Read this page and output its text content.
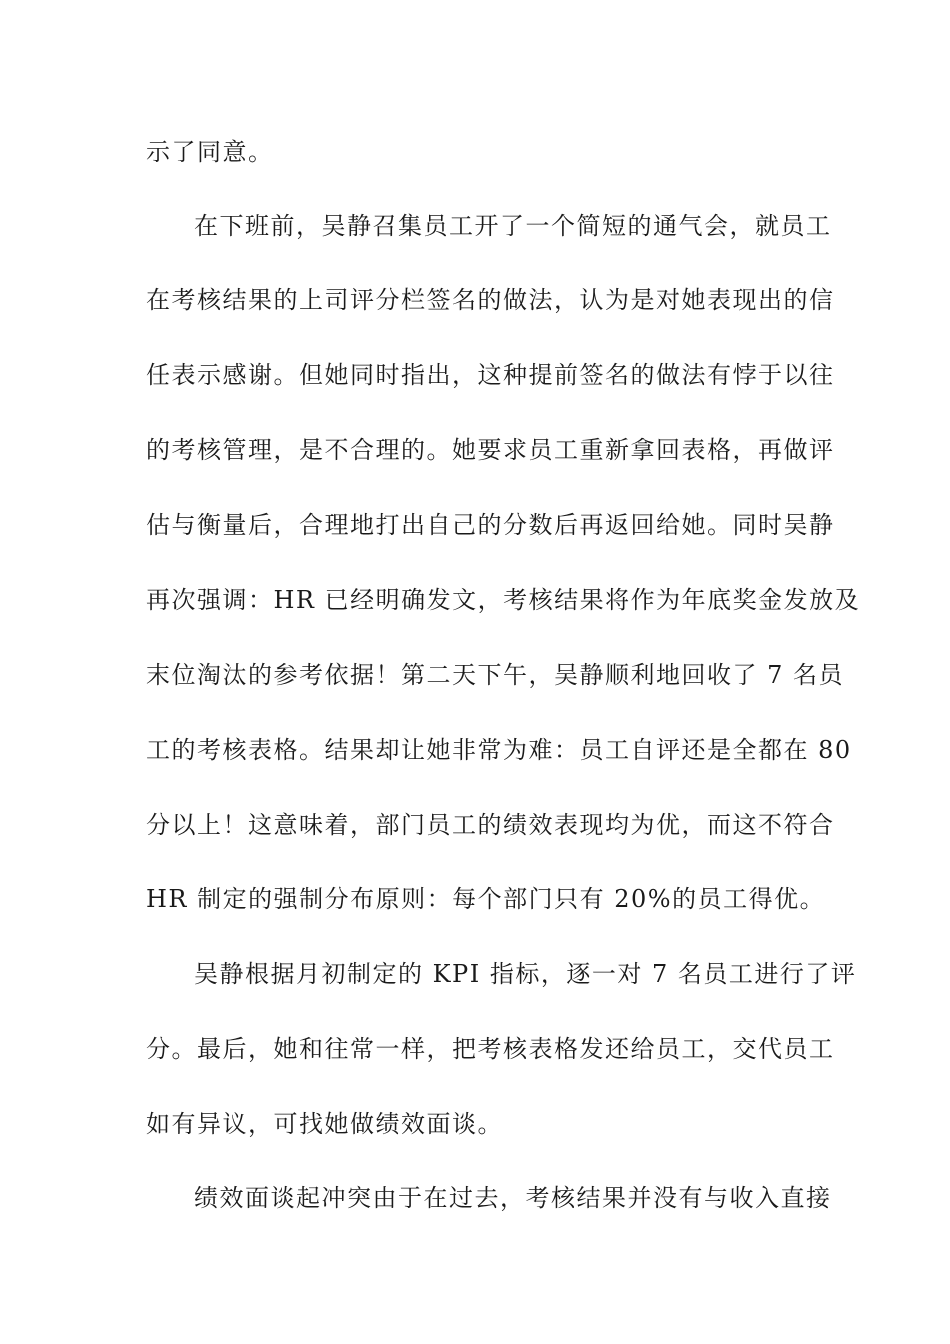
示了同意。
在下班前，吴静召集员工开了一个简短的通气会，就员工
在考核结果的上司评分栏签名的做法，认为是对她表现出的信
任表示感谢。但她同时指出，这种提前签名的做法有悖于以往
的考核管理，是不合理的。她要求员工重新拿回表格，再做评
估与衡量后，合理地打出自己的分数后再返回给她。同时吴静
再次强调：HR 已经明确发文，考核结果将作为年底奖金发放及
末位淘汰的参考依据！第二天下午，吴静顺利地回收了 7 名员
工的考核表格。结果却让她非常为难：员工自评还是全都在 80
分以上！这意味着，部门员工的绩效表现均为优，而这不符合
HR 制定的强制分布原则：每个部门只有 20%的员工得优。
吴静根据月初制定的 KPI 指标，逐一对 7 名员工进行了评
分。最后，她和往常一样，把考核表格发还给员工，交代员工
如有异议，可找她做绩效面谈。
绩效面谈起冲突由于在过去，考核结果并没有与收入直接
